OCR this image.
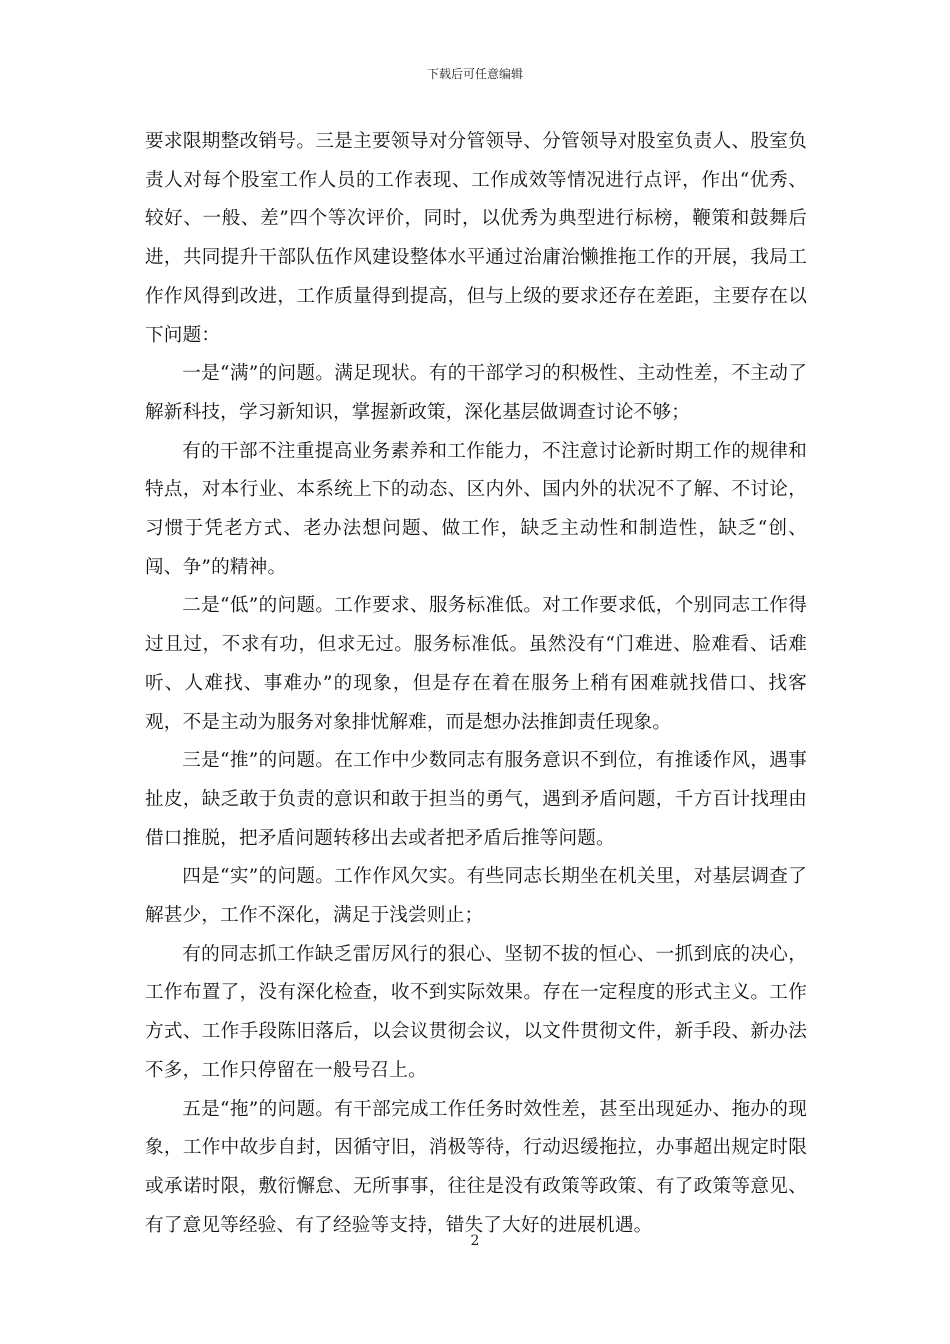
下载后可任意编辑

要求限期整改销号。三是主要领导对分管领导、分管领导对股室负责人、股室负责人对每个股室工作人员的工作表现、工作成效等情况进行点评，作出“优秀、较好、一般、差”四个等次评价，同时，以优秀为典型进行标榜，鞭策和鼓舞后进，共同提升干部队伍作风建设整体水平通过治庸治懒推拖工作的开展，我局工作作风得到改进，工作质量得到提高，但与上级的要求还存在差距，主要存在以下问题：

一是“满”的问题。满足现状。有的干部学习的积极性、主动性差，不主动了解新科技，学习新知识，掌握新政策，深化基层做调查讨论不够；

有的干部不注重提高业务素养和工作能力，不注意讨论新时期工作的规律和特点，对本行业、本系统上下的动态、区内外、国内外的状况不了解、不讨论，习惯于凭老方式、老办法想问题、做工作，缺乏主动性和制造性，缺乏“创、闯、争”的精神。

二是“低”的问题。工作要求、服务标准低。对工作要求低，个别同志工作得过且过，不求有功，但求无过。服务标准低。虽然没有“门难进、脸难看、话难听、人难找、事难办”的现象，但是存在着在服务上稍有困难就找借口、找客观，不是主动为服务对象排忧解难，而是想办法推卸责任现象。

三是“推”的问题。在工作中少数同志有服务意识不到位，有推诿作风，遇事扯皮，缺乏敢于负责的意识和敢于担当的勇气，遇到矛盾问题，千方百计找理由借口推脱，把矛盾问题转移出去或者把矛盾后推等问题。

四是“实”的问题。工作作风欠实。有些同志长期坐在机关里，对基层调查了解甚少，工作不深化，满足于浅尝则止；

有的同志抓工作缺乏雷厉风行的狠心、坚韧不拔的恒心、一抓到底的决心，工作布置了，没有深化检查，收不到实际效果。存在一定程度的形式主义。工作方式、工作手段陈旧落后，以会议贯彻会议，以文件贯彻文件，新手段、新办法不多，工作只停留在一般号召上。

五是“拖”的问题。有干部完成工作任务时效性差，甚至出现延办、拖办的现象，工作中故步自封，因循守旧，消极等待，行动迟缓拖拉，办事超出规定时限或承诺时限，敷衍懈怠、无所事事，往往是没有政策等政策、有了政策等意见、有了意见等经验、有了经验等支持，错失了大好的进展机遇。

2
